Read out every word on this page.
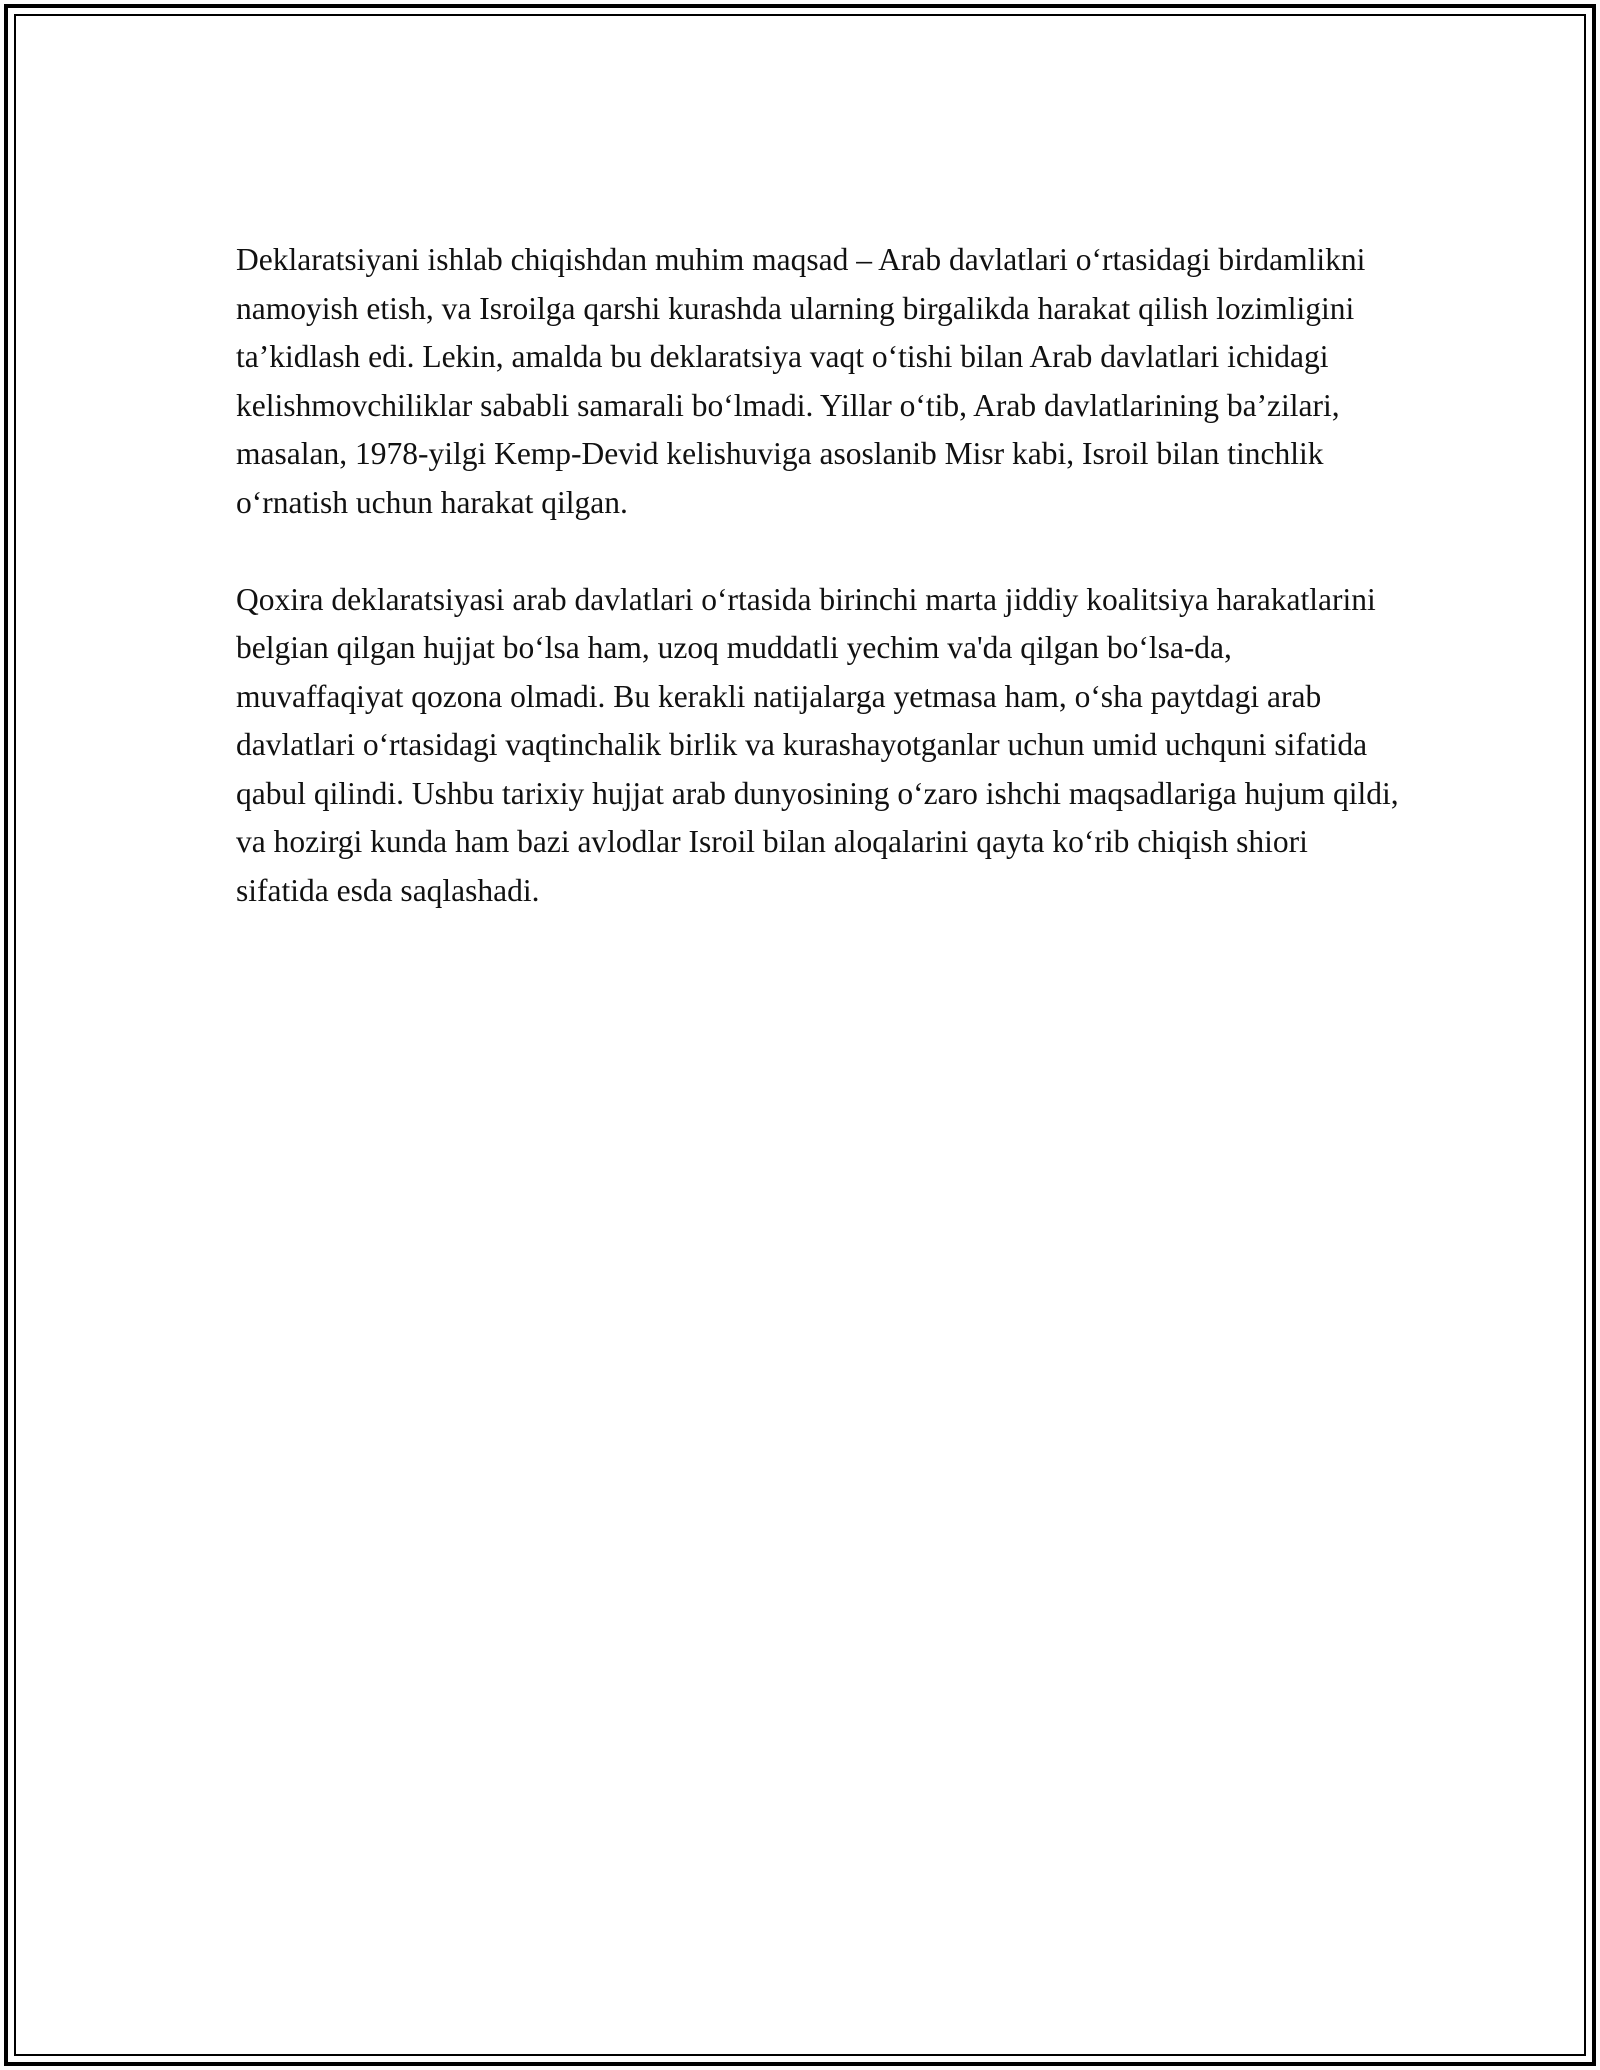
Deklaratsiyani ishlab chiqishdan muhim maqsad – Arab davlatlari o‘rtasidagi birdamlikni namoyish etish, va Isroilga qarshi kurashda ularning birgalikda harakat qilish lozimligini ta’kidlash edi. Lekin, amalda bu deklaratsiya vaqt o‘tishi bilan Arab davlatlari ichidagi kelishmovchiliklar sababli samarali bo‘lmadi. Yillar o‘tib, Arab davlatlarining ba’zilari, masalan, 1978-yilgi Kemp-Devid kelishuviga asoslanib Misr kabi, Isroil bilan tinchlik o‘rnatish uchun harakat qilgan.

Qoxira deklaratsiyasi arab davlatlari o‘rtasida birinchi marta jiddiy koalitsiya harakatlarini belgian qilgan hujjat bo‘lsa ham, uzoq muddatli yechim va'da qilgan bo‘lsa-da, muvaffaqiyat qozona olmadi. Bu kerakli natijalarga yetmasa ham, o‘sha paytdagi arab davlatlari o‘rtasidagi vaqtinchalik birlik va kurashayotganlar uchun umid uchquni sifatida qabul qilindi. Ushbu tarixiy hujjat arab dunyosining o‘zaro ishchi maqsadlariga hujum qildi, va hozirgi kunda ham bazi avlodlar Isroil bilan aloqalarini qayta ko‘rib chiqish shiori sifatida esda saqlashadi.
